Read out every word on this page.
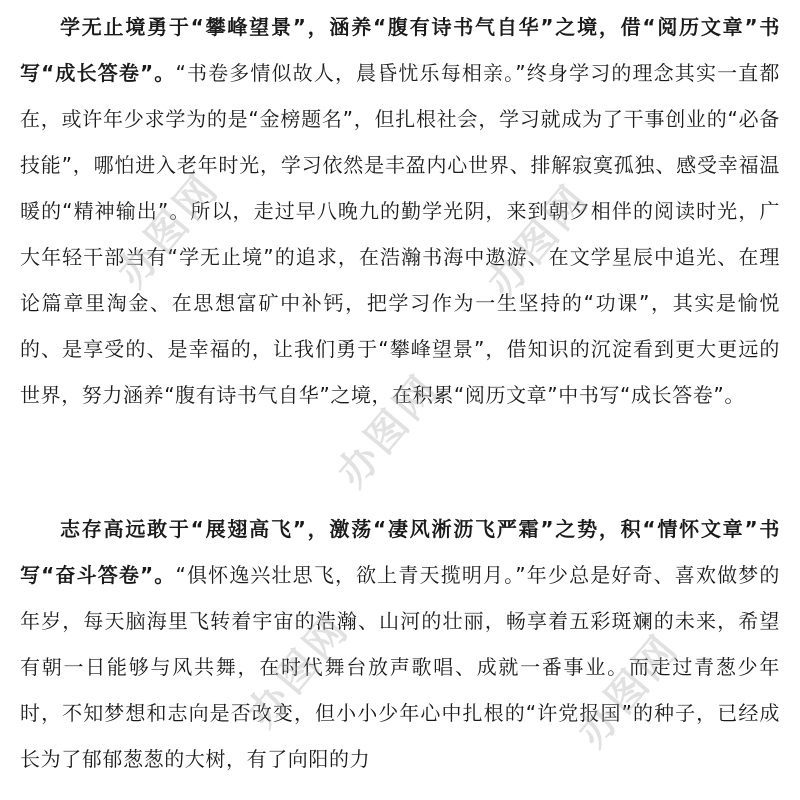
学无止境勇于“攀峰望景”，涵养“腹有诗书气自华”之境，借“阅历文章”书写“成长答卷”。“书卷多情似故人，晨昏忧乐每相亲。”终身学习的理念其实一直都在，或许年少求学为的是“金榜题名”，但扎根社会，学习就成为了干事创业的“必备技能”，哪怕进入老年时光，学习依然是丰盈内心世界、排解寂寞孤独、感受幸福温暖的“精神输出”。所以，走过早八晚九的勤学光阴，来到朝夕相伴的阅读时光，广大年轻干部当有“学无止境”的追求，在浩瀚书海中遨游、在文学星辰中追光、在理论篇章里淘金、在思想富矿中补钙，把学习作为一生坚持的“功课”，其实是愉悦的、是享受的、是幸福的，让我们勇于“攀峰望景”，借知识的沉淀看到更大更远的世界，努力涵养“腹有诗书气自华”之境，在积累“阅历文章”中书写“成长答卷”。

志存高远敢于“展翅高飞”，激荡“凄风淅沥飞严霜”之势，积“情怀文章”书写“奋斗答卷”。“俱怀逸兴壮思飞，欲上青天揽明月。”年少总是好奇、喜欢做梦的年岁，每天脑海里飞转着宇宙的浩瀚、山河的壮丽，畅享着五彩斑斓的未来，希望有朝一日能够与风共舞，在时代舞台放声歌唱、成就一番事业。而走过青葱少年时，不知梦想和志向是否改变，但小小少年心中扎根的“许党报国”的种子，已经成长为了郁郁葱葱的大树，有了向阳的力

办图网	办图网
办图网	办图网
办图网
